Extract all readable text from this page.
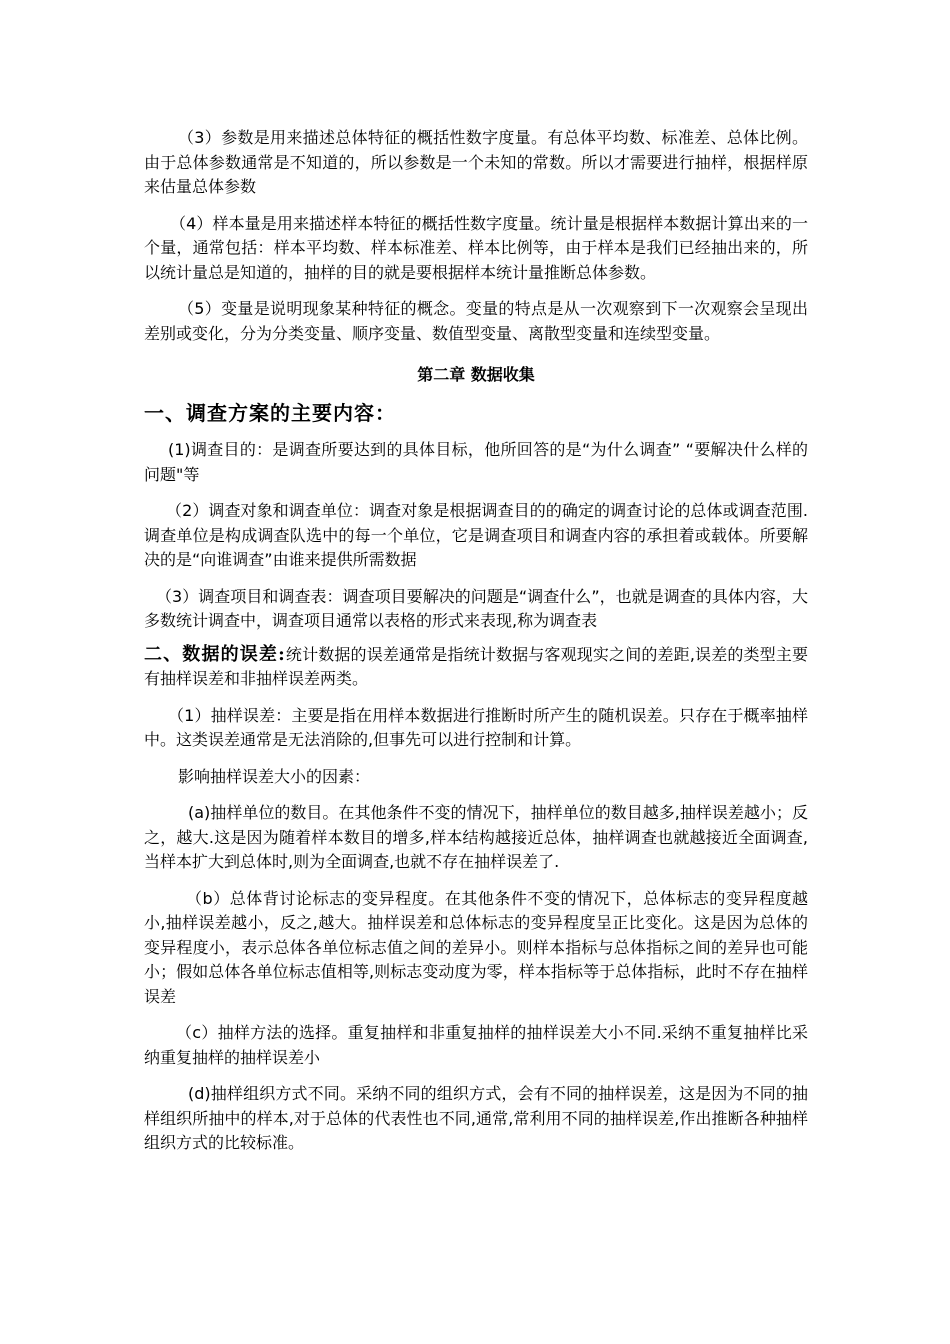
（3）参数是用来描述总体特征的概括性数字度量。有总体平均数、标准差、总体比例。由于总体参数通常是不知道的，所以参数是一个未知的常数。所以才需要进行抽样，根据样原来估量总体参数

（4）样本量是用来描述样本特征的概括性数字度量。统计量是根据样本数据计算出来的一个量，通常包括：样本平均数、样本标准差、样本比例等，由于样本是我们已经抽出来的，所以统计量总是知道的，抽样的目的就是要根据样本统计量推断总体参数。

（5）变量是说明现象某种特征的概念。变量的特点是从一次观察到下一次观察会呈现出差别或变化，分为分类变量、顺序变量、数值型变量、离散型变量和连续型变量。

第二章 数据收集

一、调查方案的主要内容：

(1)调查目的：是调查所要达到的具体目标，他所回答的是“为什么调查” “要解决什么样的问题"等

（2）调查对象和调查单位：调查对象是根据调查目的的确定的调查讨论的总体或调查范围.调查单位是构成调查队选中的每一个单位，它是调查项目和调查内容的承担着或载体。所要解决的是“向谁调查”由谁来提供所需数据

（3）调查项目和调查表：调查项目要解决的问题是“调查什么”，也就是调查的具体内容，大多数统计调查中，调查项目通常以表格的形式来表现,称为调查表

二、数据的误差:统计数据的误差通常是指统计数据与客观现实之间的差距,误差的类型主要有抽样误差和非抽样误差两类。

（1）抽样误差：主要是指在用样本数据进行推断时所产生的随机误差。只存在于概率抽样中。这类误差通常是无法消除的,但事先可以进行控制和计算。

影响抽样误差大小的因素：

(a)抽样单位的数目。在其他条件不变的情况下，抽样单位的数目越多,抽样误差越小；反之，越大.这是因为随着样本数目的增多,样本结构越接近总体，抽样调查也就越接近全面调查,当样本扩大到总体时,则为全面调查,也就不存在抽样误差了.

（b）总体背讨论标志的变异程度。在其他条件不变的情况下，总体标志的变异程度越小,抽样误差越小，反之,越大。抽样误差和总体标志的变异程度呈正比变化。这是因为总体的变异程度小，表示总体各单位标志值之间的差异小。则样本指标与总体指标之间的差异也可能小；假如总体各单位标志值相等,则标志变动度为零，样本指标等于总体指标，此时不存在抽样误差

（c）抽样方法的选择。重复抽样和非重复抽样的抽样误差大小不同.采纳不重复抽样比采纳重复抽样的抽样误差小

(d)抽样组织方式不同。采纳不同的组织方式，会有不同的抽样误差，这是因为不同的抽样组织所抽中的样本,对于总体的代表性也不同,通常,常利用不同的抽样误差,作出推断各种抽样组织方式的比较标准。
